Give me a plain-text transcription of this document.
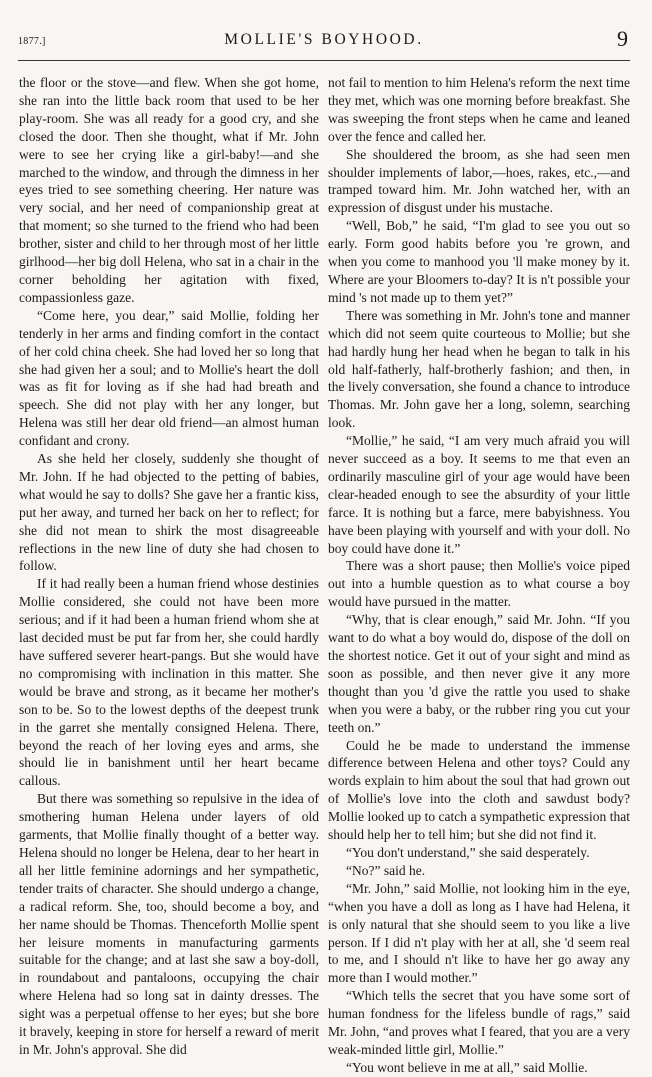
1877.]	MOLLIE'S BOYHOOD.	9

the floor or the stove—and flew. When she got home, she ran into the little back room that used to be her play-room. She was all ready for a good cry, and she closed the door. Then she thought, what if Mr. John were to see her crying like a girl-baby!—and she marched to the window, and through the dimness in her eyes tried to see something cheering. Her nature was very social, and her need of companionship great at that moment; so she turned to the friend who had been brother, sister and child to her through most of her little girlhood—her big doll Helena, who sat in a chair in the corner beholding her agitation with fixed, compassionless gaze.

“Come here, you dear,” said Mollie, folding her tenderly in her arms and finding comfort in the contact of her cold china cheek. She had loved her so long that she had given her a soul; and to Mollie's heart the doll was as fit for loving as if she had had breath and speech. She did not play with her any longer, but Helena was still her dear old friend—an almost human confidant and crony.

As she held her closely, suddenly she thought of Mr. John. If he had objected to the petting of babies, what would he say to dolls? She gave her a frantic kiss, put her away, and turned her back on her to reflect; for she did not mean to shirk the most disagreeable reflections in the new line of duty she had chosen to follow.

If it had really been a human friend whose destinies Mollie considered, she could not have been more serious; and if it had been a human friend whom she at last decided must be put far from her, she could hardly have suffered severer heart-pangs. But she would have no compromising with inclination in this matter. She would be brave and strong, as it became her mother's son to be. So to the lowest depths of the deepest trunk in the garret she mentally consigned Helena. There, beyond the reach of her loving eyes and arms, she should lie in banishment until her heart became callous.

But there was something so repulsive in the idea of smothering human Helena under layers of old garments, that Mollie finally thought of a better way. Helena should no longer be Helena, dear to her heart in all her little feminine adornings and her sympathetic, tender traits of character. She should undergo a change, a radical reform. She, too, should become a boy, and her name should be Thomas. Thenceforth Mollie spent her leisure moments in manufacturing garments suitable for the change; and at last she saw a boy-doll, in roundabout and pantaloons, occupying the chair where Helena had so long sat in dainty dresses. The sight was a perpetual offense to her eyes; but she bore it bravely, keeping in store for herself a reward of merit in Mr. John's approval. She did

not fail to mention to him Helena's reform the next time they met, which was one morning before breakfast. She was sweeping the front steps when he came and leaned over the fence and called her.

She shouldered the broom, as she had seen men shoulder implements of labor,—hoes, rakes, etc.,—and tramped toward him. Mr. John watched her, with an expression of disgust under his mustache.

“Well, Bob,” he said, “I'm glad to see you out so early. Form good habits before you 're grown, and when you come to manhood you 'll make money by it. Where are your Bloomers to-day? It is n't possible your mind 's not made up to them yet?”

There was something in Mr. John's tone and manner which did not seem quite courteous to Mollie; but she had hardly hung her head when he began to talk in his old half-fatherly, half-brotherly fashion; and then, in the lively conversation, she found a chance to introduce Thomas. Mr. John gave her a long, solemn, searching look.

“Mollie,” he said, “I am very much afraid you will never succeed as a boy. It seems to me that even an ordinarily masculine girl of your age would have been clear-headed enough to see the absurdity of your little farce. It is nothing but a farce, mere babyishness. You have been playing with yourself and with your doll. No boy could have done it.”

There was a short pause; then Mollie's voice piped out into a humble question as to what course a boy would have pursued in the matter.

“Why, that is clear enough,” said Mr. John. “If you want to do what a boy would do, dispose of the doll on the shortest notice. Get it out of your sight and mind as soon as possible, and then never give it any more thought than you 'd give the rattle you used to shake when you were a baby, or the rubber ring you cut your teeth on.”

Could he be made to understand the immense difference between Helena and other toys? Could any words explain to him about the soul that had grown out of Mollie's love into the cloth and sawdust body? Mollie looked up to catch a sympathetic expression that should help her to tell him; but she did not find it.

“You don't understand,” she said desperately.

“No?” said he.

“Mr. John,” said Mollie, not looking him in the eye, “when you have a doll as long as I have had Helena, it is only natural that she should seem to you like a live person. If I did n't play with her at all, she 'd seem real to me, and I should n't like to have her go away any more than I would mother.”

“Which tells the secret that you have some sort of human fondness for the lifeless bundle of rags,” said Mr. John, “and proves what I feared, that you are a very weak-minded little girl, Mollie.”

“You wont believe in me at all,” said Mollie.
